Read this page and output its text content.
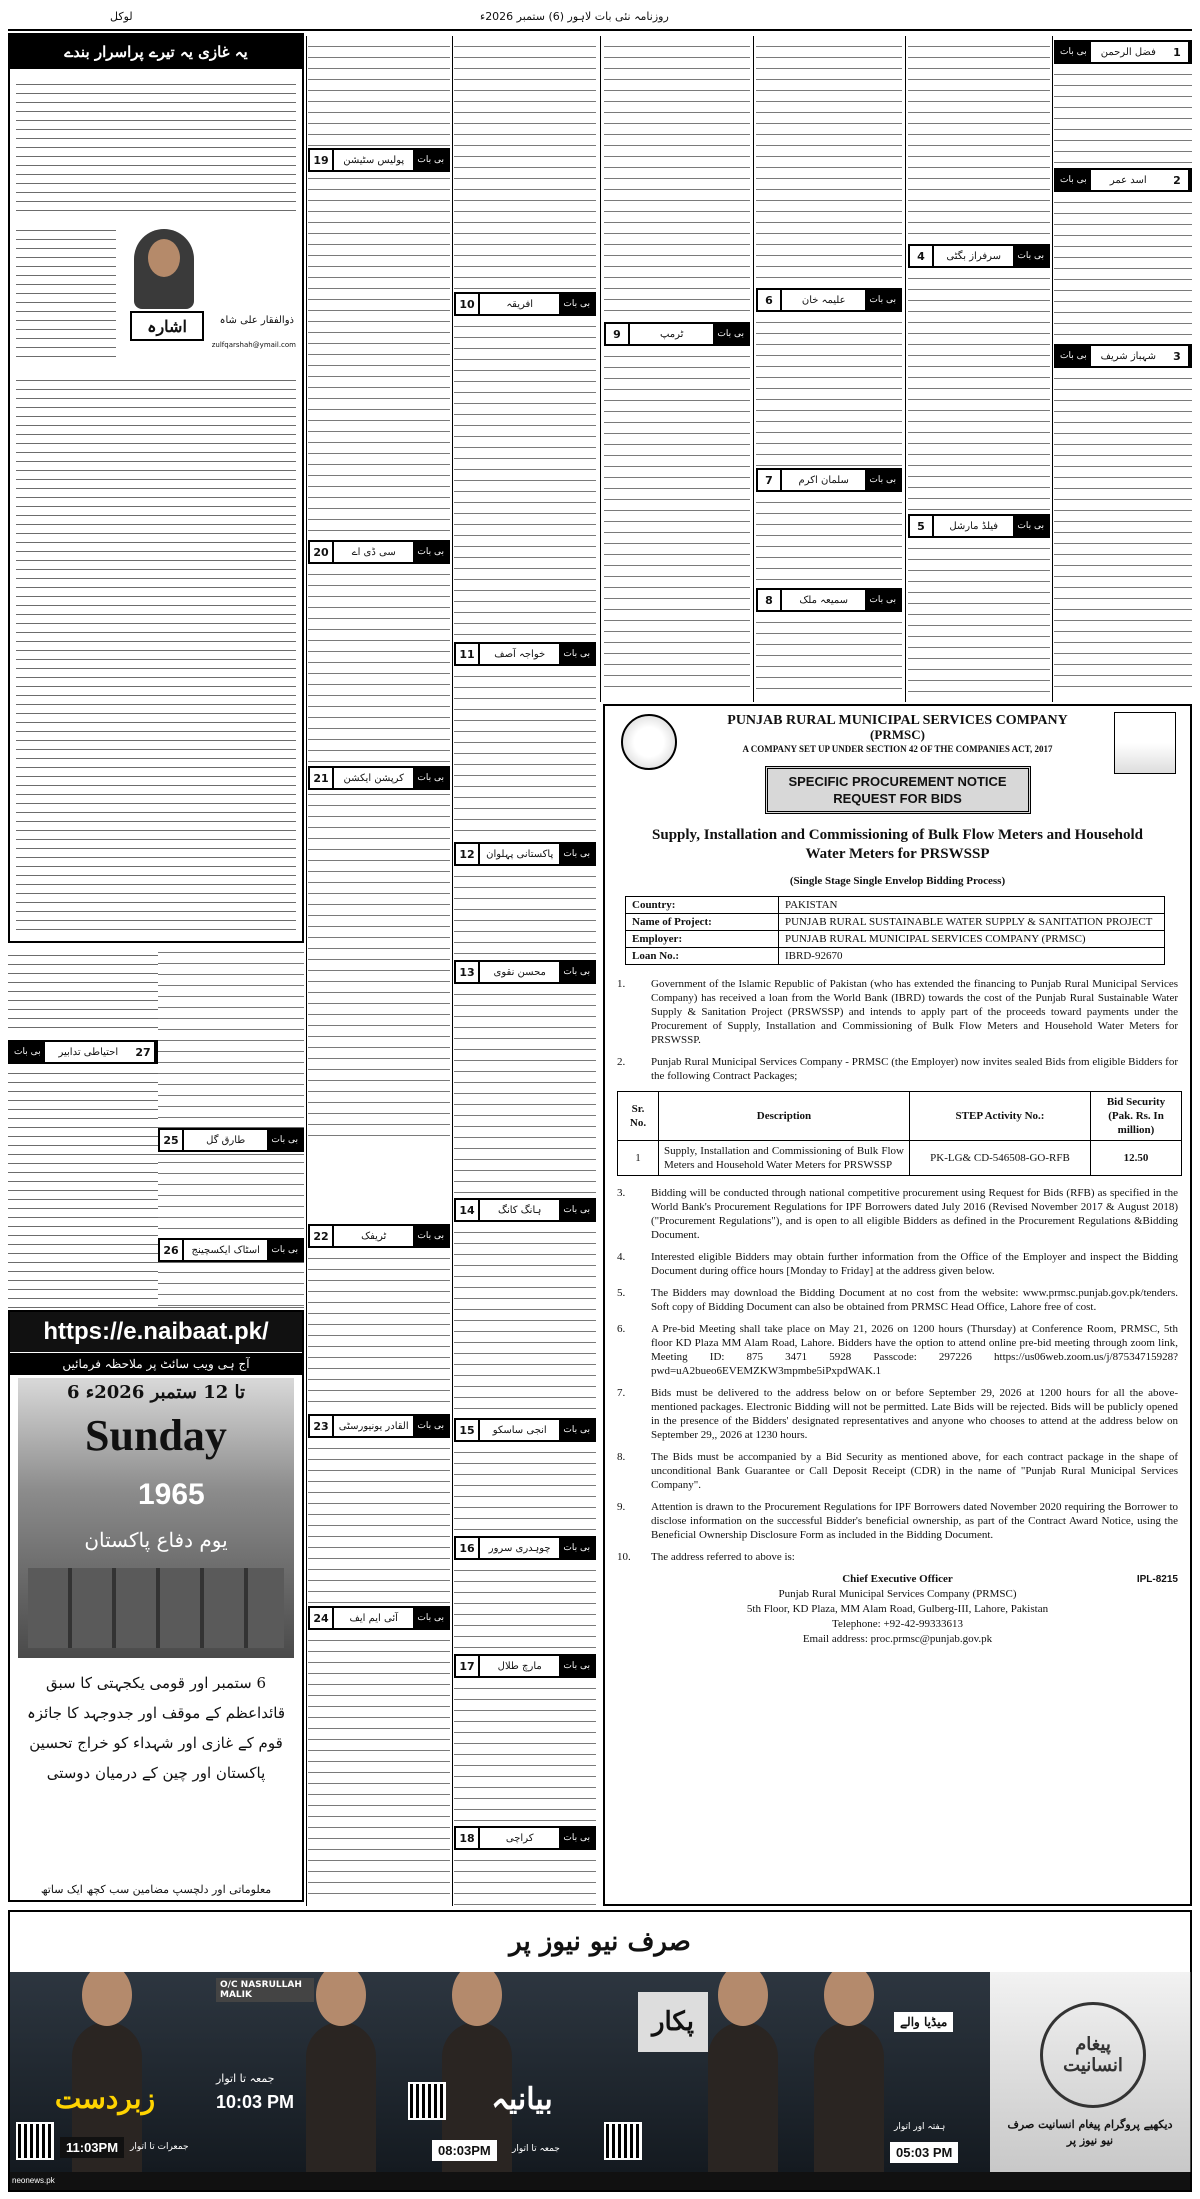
لوکل	روزنامہ نئی بات لاہور (6) ستمبر 2026ء
یہ غازی یہ تیرے پراسرار بندے
اشارہ	ذوالفقار علی شاہ
zulfqarshah@ymail.com
بی بات	احتیاطی تدابیر	27
https://e.naibaat.pk/
آج ہی ویب سائٹ پر ملاحظہ فرمائیں
6 تا 12 ستمبر 2026ء
Sunday
1965
یوم دفاع پاکستان
6 ستمبر اور قومی یکجہتی کا سبق
قائداعظم کے موقف اور جدوجہد کا جائزہ
قوم کے غازی اور شہداء کو خراج تحسین
پاکستان اور چین کے درمیان دوستی
معلوماتی اور دلچسپ مضامین سب کچھ ایک ساتھ
19	پولیس سٹیشن	بی بات
20	سی ڈی اے	بی بات
21	کرپشن ایکشن	بی بات
22	ٹریفک	بی بات
23	القادر یونیورسٹی بی بات
24	آئی ایم ایف	بی بات
25	طارق گل	بی بات
26	اسٹاک ایکسچینج	بی بات
10	افریقہ	بی بات
11	خواجہ آصف	بی بات
12	پاکستانی پہلوان	بی بات
13	محسن نقوی	بی بات
14	ہانگ کانگ	بی بات
15	انجی ساسکو	بی بات
16	چوہدری سرور	بی بات
17	مارچ طلال	بی بات
18	کراچی	بی بات
9	ٹرمپ	بی بات
6	علیمہ خان	بی بات
7	سلمان اکرم	بی بات
8	سمیعہ ملک	بی بات
4	سرفراز بگٹی	بی بات
5	فیلڈ مارشل	بی بات
بی بات	فضل الرحمن	1
بی بات	اسد عمر	2
بی بات	شہباز شریف	3
PUNJAB RURAL MUNICIPAL SERVICES COMPANY
(PRMSC)
A COMPANY SET UP UNDER SECTION 42 OF THE COMPANIES ACT, 2017
SPECIFIC PROCUREMENT NOTICE
REQUEST FOR BIDS
Supply, Installation and Commissioning of Bulk Flow Meters and Household Water Meters for PRSWSSP
(Single Stage Single Envelop Bidding Process)
Country:	PAKISTAN
Name of Project:	PUNJAB RURAL SUSTAINABLE WATER SUPPLY & SANITATION PROJECT
Employer:	PUNJAB RURAL MUNICIPAL SERVICES COMPANY (PRMSC)
Loan No.:	IBRD-92670
1.	Government of the Islamic Republic of Pakistan (who has extended the financing to Punjab Rural Municipal Services Company) has received a loan from the World Bank (IBRD) towards the cost of the Punjab Rural Sustainable Water Supply & Sanitation Project (PRSWSSP) and intends to apply part of the proceeds toward payments under the Procurement of Supply, Installation and Commissioning of Bulk Flow Meters and Household Water Meters for PRSWSSP.
2.	Punjab Rural Municipal Services Company - PRMSC (the Employer) now invites sealed Bids from eligible Bidders for the following Contract Packages;
Sr. No.	Description	STEP Activity No.:	Bid Security (Pak. Rs. In million)
1	Supply, Installation and Commissioning of Bulk Flow Meters and Household Water Meters for PRSWSSP	PK-LG& CD-546508-GO-RFB	12.50
3.	Bidding will be conducted through national competitive procurement using Request for Bids (RFB) as specified in the World Bank's Procurement Regulations for IPF Borrowers dated July 2016 (Revised November 2017 & August 2018)("Procurement Regulations"), and is open to all eligible Bidders as defined in the Procurement Regulations &Bidding Document.
4.	Interested eligible Bidders may obtain further information from the Office of the Employer and inspect the Bidding Document during office hours [Monday to Friday] at the address given below.
5.	The Bidders may download the Bidding Document at no cost from the website: www.prmsc.punjab.gov.pk/tenders. Soft copy of Bidding Document can also be obtained from PRMSC Head Office, Lahore free of cost.
6.	A Pre-bid Meeting shall take place on May 21, 2026 on 1200 hours (Thursday) at Conference Room, PRMSC, 5th floor KD Plaza MM Alam Road, Lahore. Bidders have the option to attend online pre-bid meeting through zoom link, Meeting ID: 875 3471 5928 Passcode: 297226 https://us06web.zoom.us/j/87534715928?pwd=uA2bueo6EVEMZKW3mpmbe5iPxpdWAK.1
7.	Bids must be delivered to the address below on or before September 29, 2026 at 1200 hours for all the above-mentioned packages. Electronic Bidding will not be permitted. Late Bids will be rejected. Bids will be publicly opened in the presence of the Bidders' designated representatives and anyone who chooses to attend at the address below on September 29,, 2026 at 1230 hours.
8.	The Bids must be accompanied by a Bid Security as mentioned above, for each contract package in the shape of unconditional Bank Guarantee or Call Deposit Receipt (CDR) in the name of "Punjab Rural Municipal Services Company".
9.	Attention is drawn to the Procurement Regulations for IPF Borrowers dated November 2020 requiring the Borrower to disclose information on the successful Bidder's beneficial ownership, as part of the Contract Award Notice, using the Beneficial Ownership Disclosure Form as included in the Bidding Document.
10.	The address referred to above is:
Chief Executive Officer
Punjab Rural Municipal Services Company (PRMSC)
5th Floor, KD Plaza, MM Alam Road, Gulberg-III, Lahore, Pakistan
Telephone: +92-42-99333613
Email address: proc.prmsc@punjab.gov.pk
IPL-8215
صرف نیو نیوز پر
زبردست
11:03PM	جمعرات تا اتوار
O/C NASRULLAH MALIK
جمعہ تا اتوار
10:03 PM	بیانیہ
08:03PM	جمعہ تا اتوار
پکار	میڈیا والے
05:03 PM
ہفتہ اور اتوار
پیغام انسانیت
دیکھیے پروگرام پیغام انسانیت صرف نیو نیوز پر
neonews.pk
